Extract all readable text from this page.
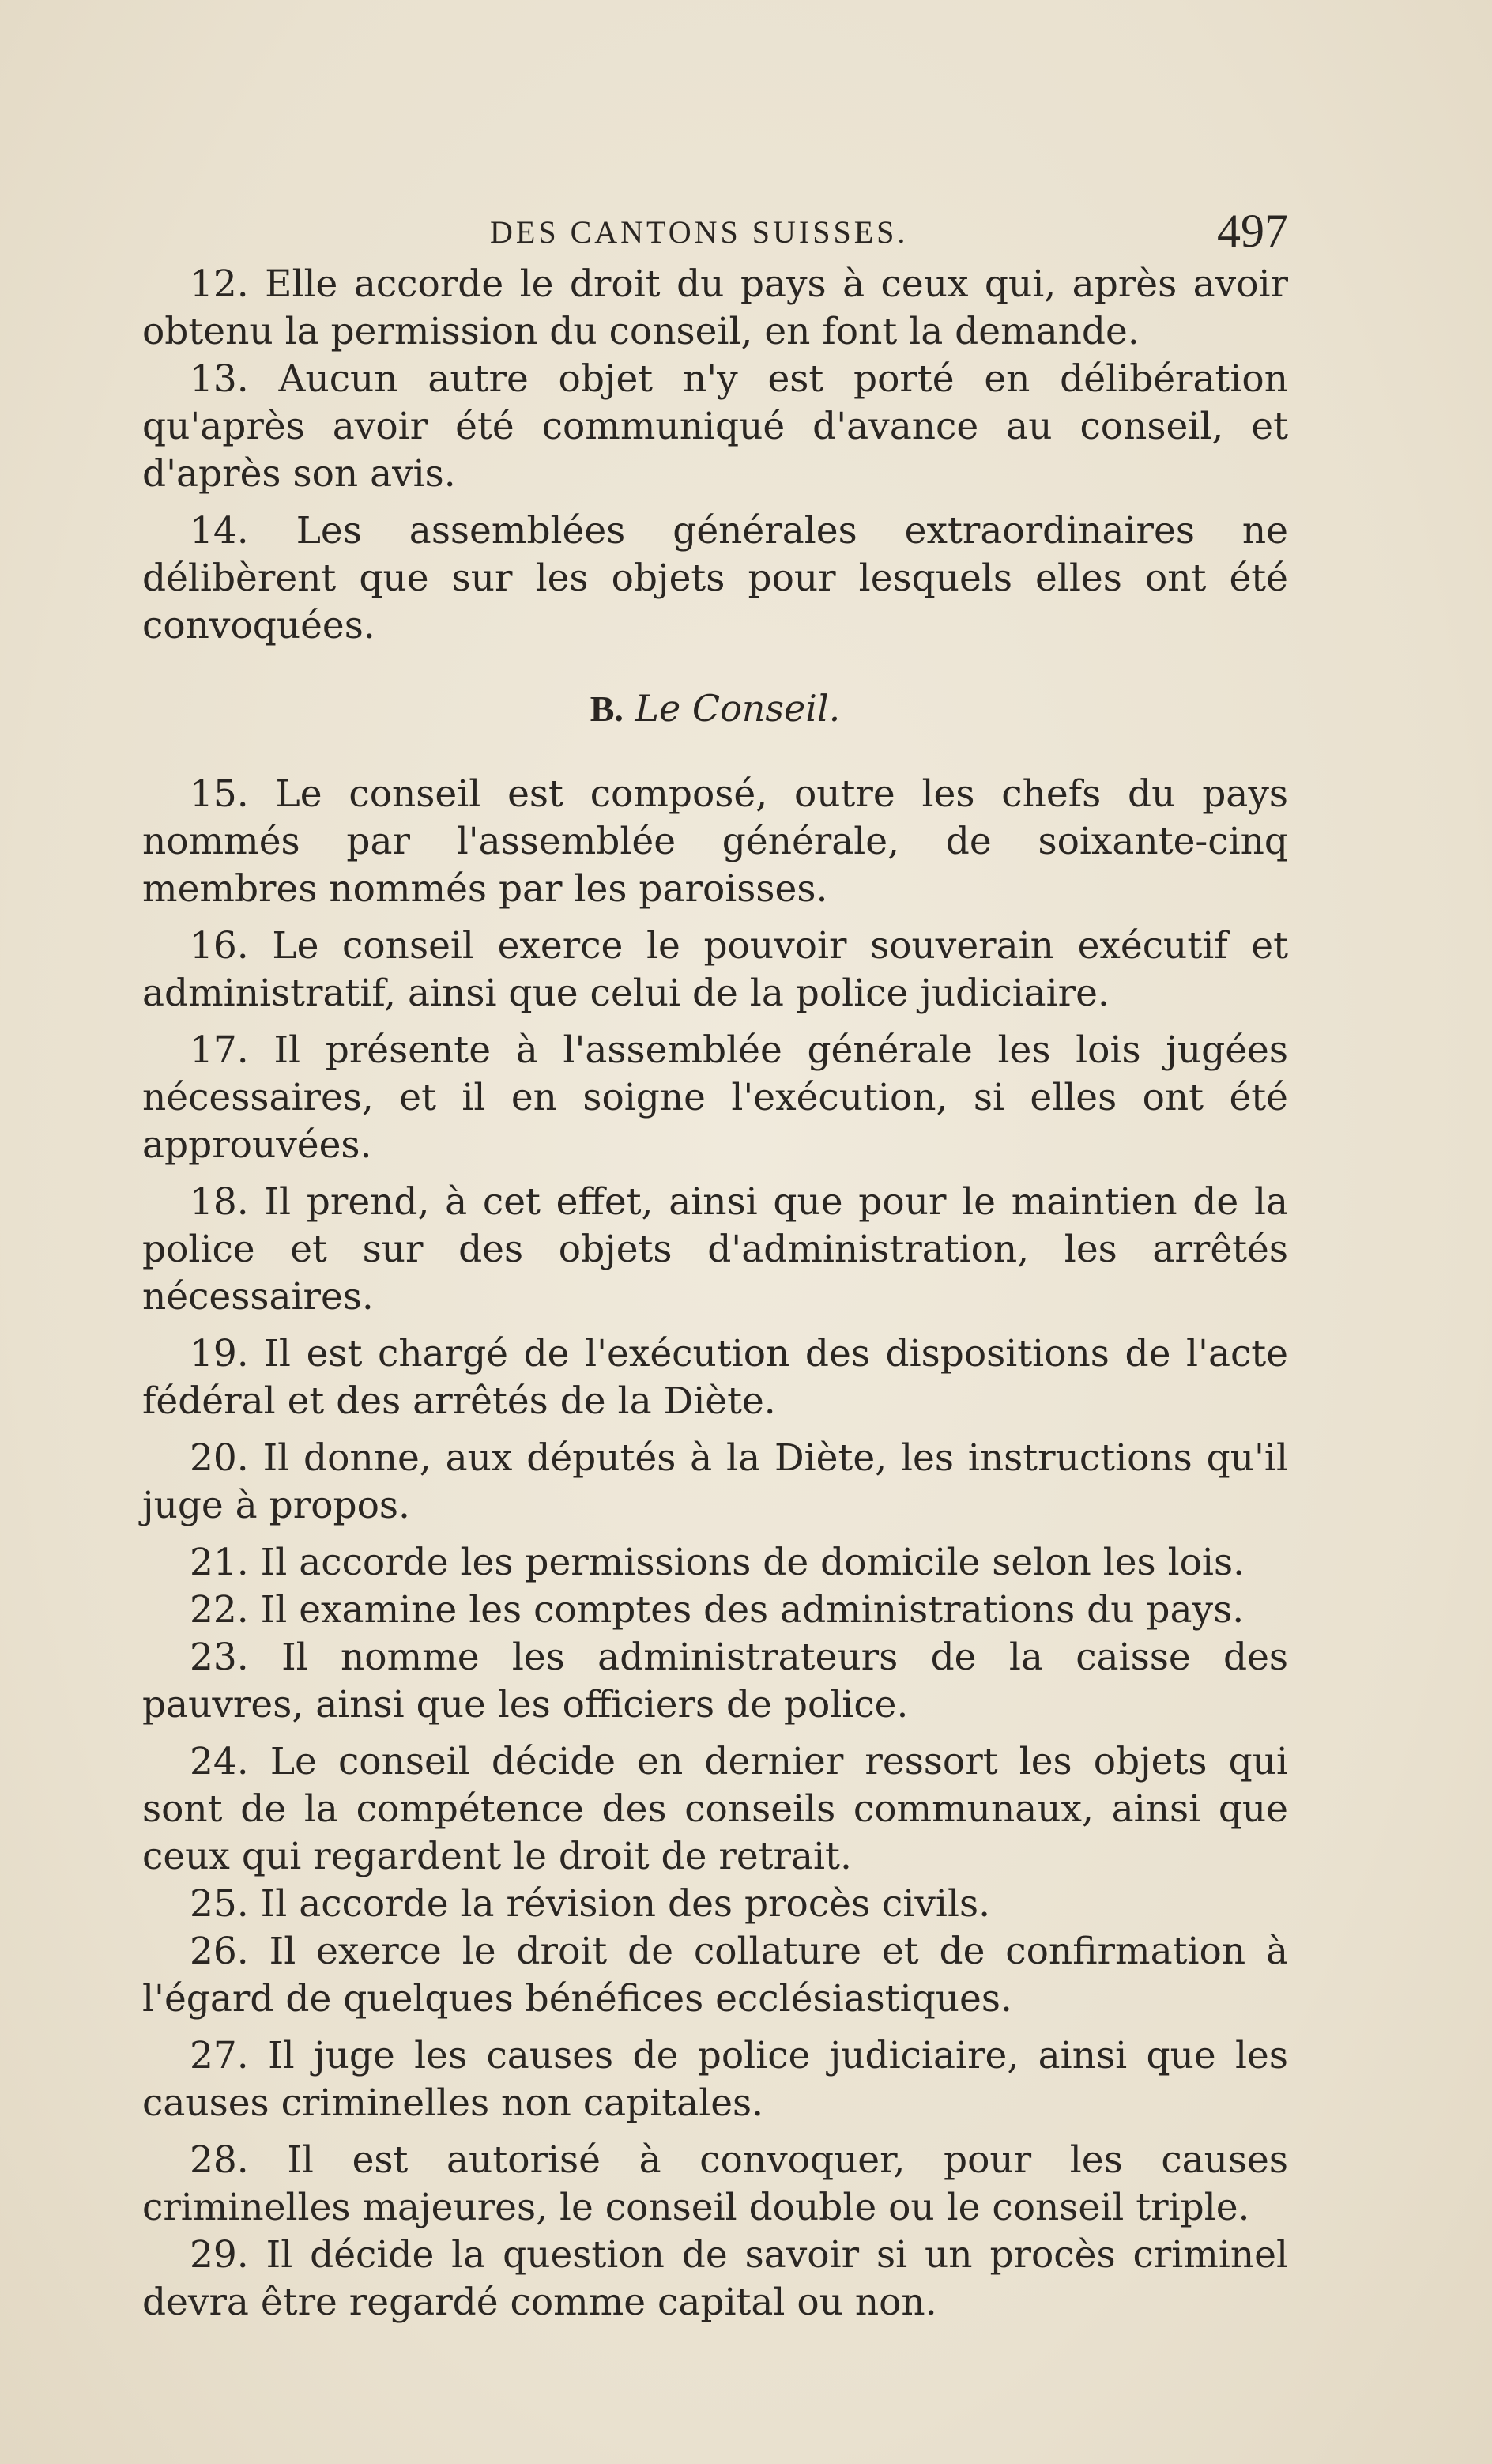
DES CANTONS SUISSES.	497

12. Elle accorde le droit du pays à ceux qui, après avoir obtenu la permission du conseil, en font la demande.

13. Aucun autre objet n'y est porté en délibération qu'après avoir été communiqué d'avance au conseil, et d'après son avis.

14. Les assemblées générales extraordinaires ne délibèrent que sur les objets pour lesquels elles ont été convoquées.

B. Le Conseil.

15. Le conseil est composé, outre les chefs du pays nommés par l'assemblée générale, de soixante-cinq membres nommés par les paroisses.

16. Le conseil exerce le pouvoir souverain exécutif et administratif, ainsi que celui de la police judiciaire.

17. Il présente à l'assemblée générale les lois jugées nécessaires, et il en soigne l'exécution, si elles ont été approuvées.

18. Il prend, à cet effet, ainsi que pour le maintien de la police et sur des objets d'administration, les arrêtés nécessaires.

19. Il est chargé de l'exécution des dispositions de l'acte fédéral et des arrêtés de la Diète.

20. Il donne, aux députés à la Diète, les instructions qu'il juge à propos.

21. Il accorde les permissions de domicile selon les lois.

22. Il examine les comptes des administrations du pays.

23. Il nomme les administrateurs de la caisse des pauvres, ainsi que les officiers de police.

24. Le conseil décide en dernier ressort les objets qui sont de la compétence des conseils communaux, ainsi que ceux qui regardent le droit de retrait.

25. Il accorde la révision des procès civils.

26. Il exerce le droit de collature et de confirmation à l'égard de quelques bénéfices ecclésiastiques.

27. Il juge les causes de police judiciaire, ainsi que les causes criminelles non capitales.

28. Il est autorisé à convoquer, pour les causes criminelles majeures, le conseil double ou le conseil triple.

29. Il décide la question de savoir si un procès criminel devra être regardé comme capital ou non.
